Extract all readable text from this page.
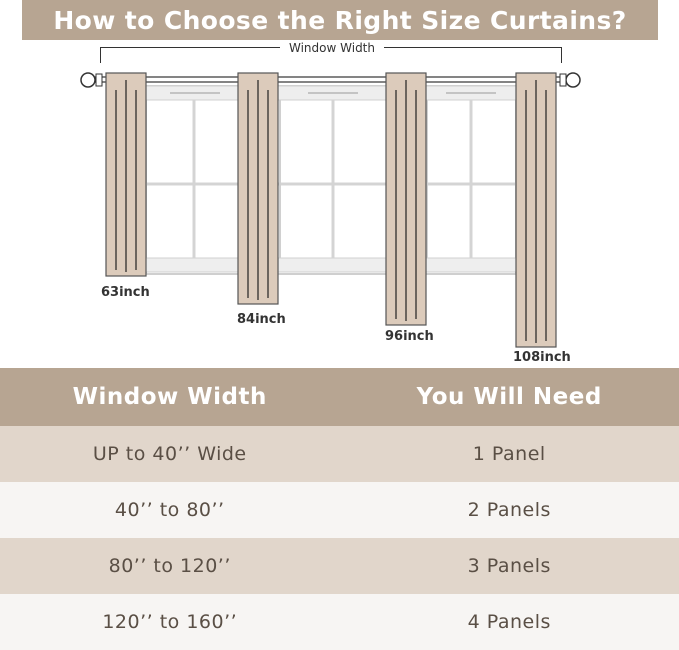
How to Choose the Right Size Curtains?
Window Width
63inch
84inch
96inch
108inch
Window Width	You Will Need
UP to 40’’ Wide	1 Panel
40’’ to 80’’	2 Panels
80’’ to 120’’	3 Panels
120’’ to 160’’	4 Panels
